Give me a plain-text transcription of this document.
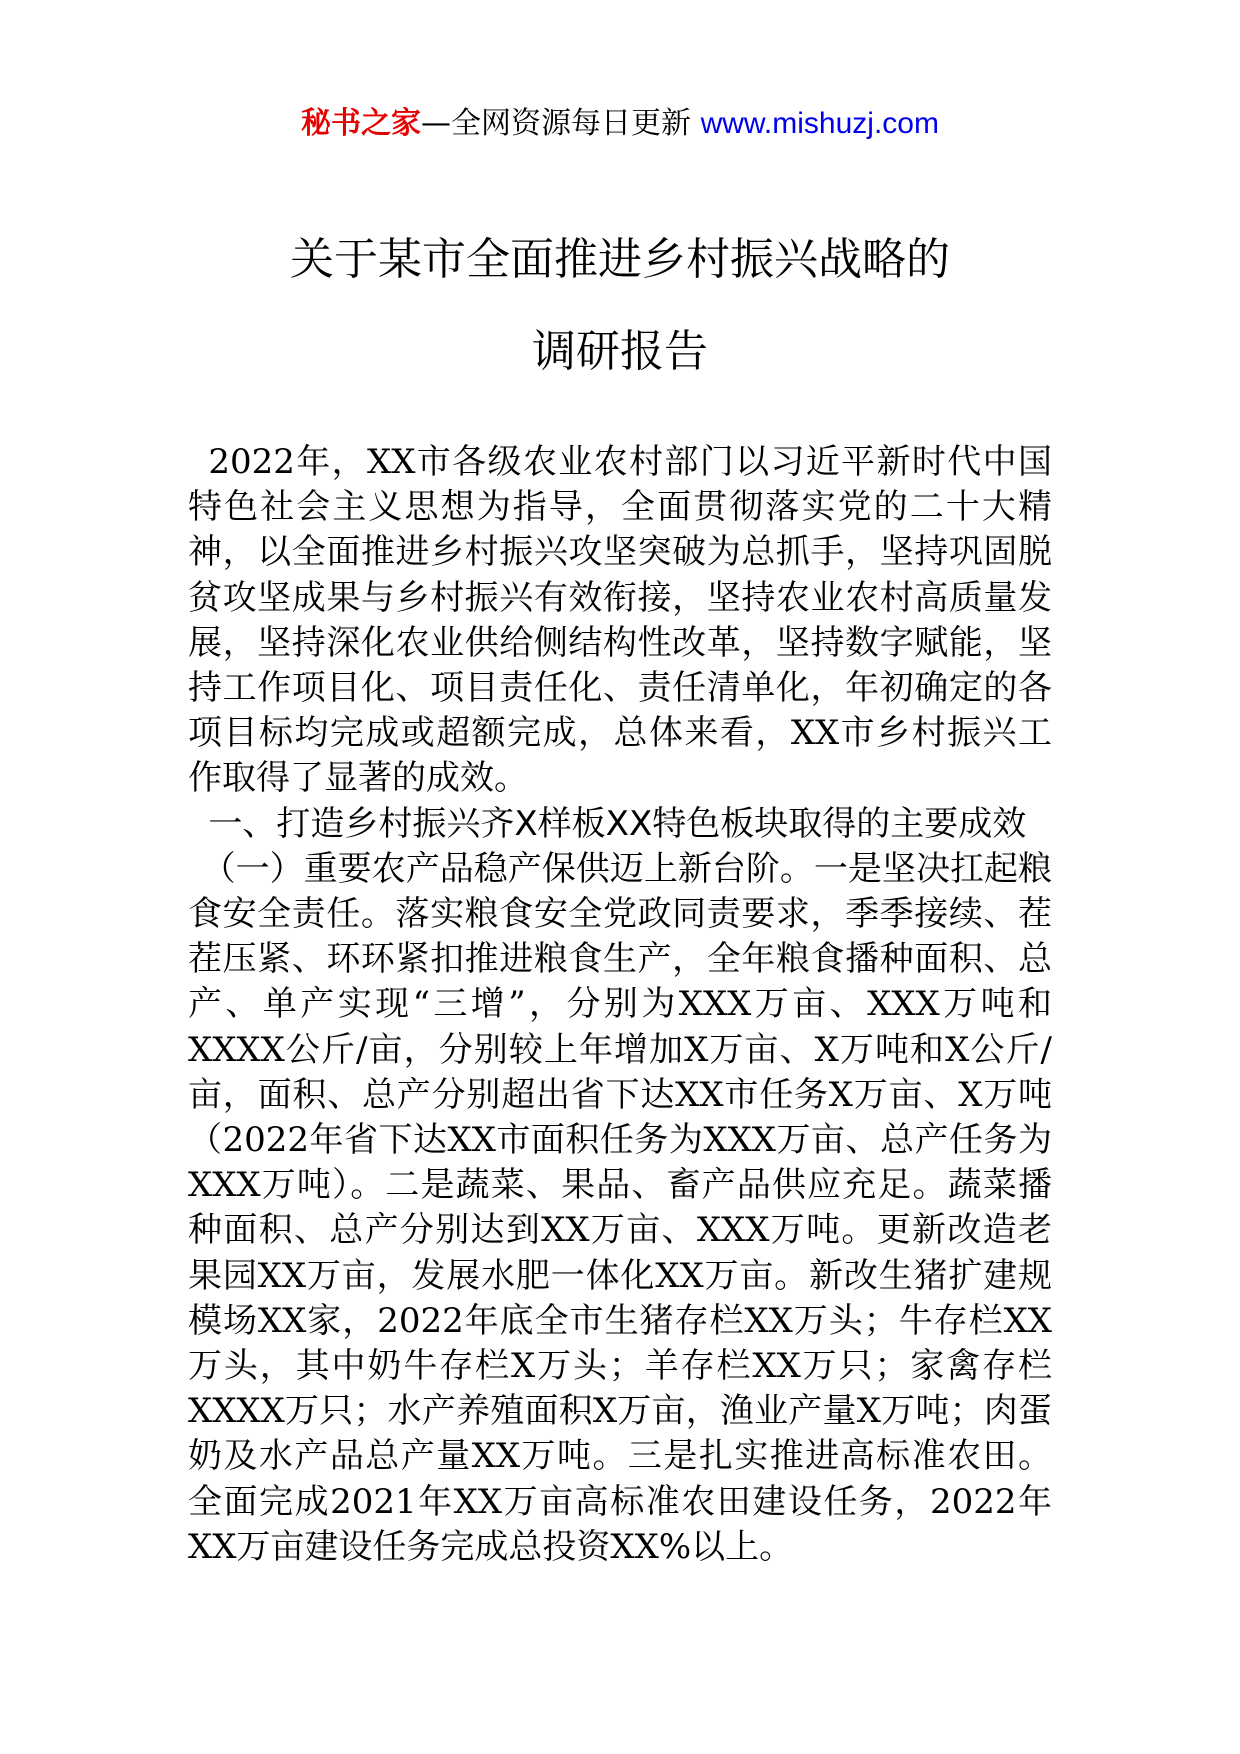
秘书之家—全网资源每日更新 www.mishuzj.com
关于某市全面推进乡村振兴战略的
调研报告

2022年，XX市各级农业农村部门以习近平新时代中国特色社会主义思想为指导，全面贯彻落实党的二十大精神，以全面推进乡村振兴攻坚突破为总抓手，坚持巩固脱贫攻坚成果与乡村振兴有效衔接，坚持农业农村高质量发展，坚持深化农业供给侧结构性改革，坚持数字赋能，坚持工作项目化、项目责任化、责任清单化，年初确定的各项目标均完成或超额完成，总体来看，XX市乡村振兴工作取得了显著的成效。

一、打造乡村振兴齐X样板XX特色板块取得的主要成效

（一）重要农产品稳产保供迈上新台阶。一是坚决扛起粮食安全责任。落实粮食安全党政同责要求，季季接续、茬茬压紧、环环紧扣推进粮食生产，全年粮食播种面积、总产、单产实现“三增”，分别为XXX万亩、XXX万吨和XXXX公斤/亩，分别较上年增加X万亩、X万吨和X公斤/亩，面积、总产分别超出省下达XX市任务X万亩、X万吨（2022年省下达XX市面积任务为XXX万亩、总产任务为XXX万吨）。二是蔬菜、果品、畜产品供应充足。蔬菜播种面积、总产分别达到XX万亩、XXX万吨。更新改造老果园XX万亩，发展水肥一体化XX万亩。新改生猪扩建规模场XX家，2022年底全市生猪存栏XX万头；牛存栏XX万头，其中奶牛存栏X万头；羊存栏XX万只；家禽存栏XXXX万只；水产养殖面积X万亩，渔业产量X万吨；肉蛋奶及水产品总产量XX万吨。三是扎实推进高标准农田。全面完成2021年XX万亩高标准农田建设任务，2022年XX万亩建设任务完成总投资XX%以上。
